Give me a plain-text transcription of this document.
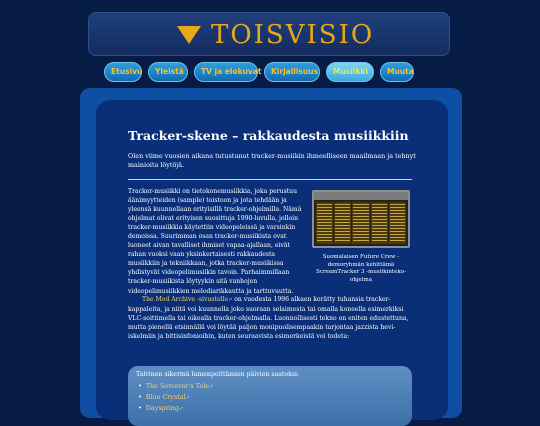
TOISVISIO
Etusivu	Yleistä	TV ja elokuvat	Kirjallisuus	Musiikki	Muuta
Tracker-skene – rakkaudesta musiikkiin

Olen viime vuosien aikana tutustunut tracker-musiikin ihmeelliseen maailmaan ja tehnyt mainioita löytöjä.

Tracker-musiikki on tietokonemusiikkia, joka perustuu äänimyytteiden (sample) toistoon ja jota tehdään ja yleensä kuunnellaan erityisillä tracker-ohjelmilla. Nämä ohjelmat olivat erityisen suosittuja 1990-luvulla, jolloin tracker-musiikkia käytettiin videopeleissä ja varsinkin demoissa. Suurimman osan tracker-musiikista ovat luoneet aivan tavalliset ihmiset vapaa-ajallaan, eivät rahan vuoksi vaan yksinkertaisesti rakkaudesta musiikkiin ja tekniikkaan, jotka tracker-musiikissa yhdistyvät videopelimusiikin tavoin. Parhaimmillaan tracker-musiikista löytyykin sitä vanhojen videopelimusiikkien melodiarikkautta ja tarttuvuutta.

Suomalaisen Future Crew -demoryhmän kehittämä ScreamTracker 3 -musiikinteko-ohjelma

The Mod Archive -sivustolle↗ on vuodesta 1996 alkaen kerätty tuhansia tracker-kappaleita, ja niitä voi kuunnella joko suoraan selaimesta tai omalla koneella esimerkiksi VLC-soittimella tai oikealla tracker-ohjelmalla. Luonnollisesti tekno on eniten edustettuna, mutta pienellä etsinnällä voi löytää paljon monipuolisempaakin tarjontaa jazzista hevi-iskelmiin ja bittisinfonioihin, kuten seuraavista esimerkeistä voi todeta:

Talvinen sikermä lumenpeittämien päivien saatoksi:
• The Sorceror's Tale↗
• Blue Crystal↗
• Dayspring↗
